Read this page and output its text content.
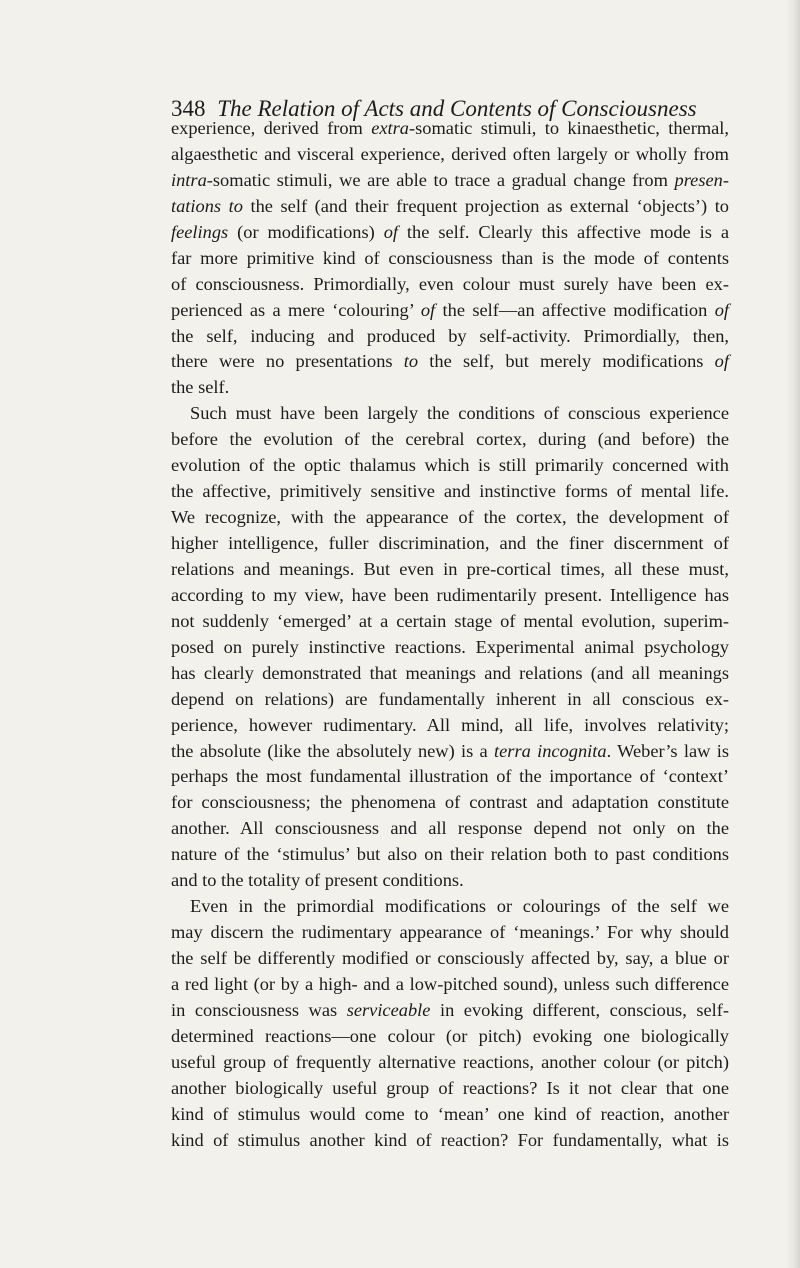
348 The Relation of Acts and Contents of Consciousness
experience, derived from extra-somatic stimuli, to kinaesthetic, thermal,
algaesthetic and visceral experience, derived often largely or wholly from
intra-somatic stimuli, we are able to trace a gradual change from presen-
tations to the self (and their frequent projection as external ‘objects’) to
feelings (or modifications) of the self. Clearly this affective mode is a
far more primitive kind of consciousness than is the mode of contents
of consciousness. Primordially, even colour must surely have been ex-
perienced as a mere ‘colouring’ of the self—an affective modification of
the self, inducing and produced by self-activity. Primordially, then,
there were no presentations to the self, but merely modifications of
the self.
Such must have been largely the conditions of conscious experience
before the evolution of the cerebral cortex, during (and before) the
evolution of the optic thalamus which is still primarily concerned with
the affective, primitively sensitive and instinctive forms of mental life.
We recognize, with the appearance of the cortex, the development of
higher intelligence, fuller discrimination, and the finer discernment of
relations and meanings. But even in pre-cortical times, all these must,
according to my view, have been rudimentarily present. Intelligence has
not suddenly ‘emerged’ at a certain stage of mental evolution, superim-
posed on purely instinctive reactions. Experimental animal psychology
has clearly demonstrated that meanings and relations (and all meanings
depend on relations) are fundamentally inherent in all conscious ex-
perience, however rudimentary. All mind, all life, involves relativity;
the absolute (like the absolutely new) is a terra incognita. Weber’s law is
perhaps the most fundamental illustration of the importance of ‘context’
for consciousness; the phenomena of contrast and adaptation constitute
another. All consciousness and all response depend not only on the
nature of the ‘stimulus’ but also on their relation both to past conditions
and to the totality of present conditions.
Even in the primordial modifications or colourings of the self we
may discern the rudimentary appearance of ‘meanings.’ For why should
the self be differently modified or consciously affected by, say, a blue or
a red light (or by a high- and a low-pitched sound), unless such difference
in consciousness was serviceable in evoking different, conscious, self-
determined reactions—one colour (or pitch) evoking one biologically
useful group of frequently alternative reactions, another colour (or pitch)
another biologically useful group of reactions? Is it not clear that one
kind of stimulus would come to ‘mean’ one kind of reaction, another
kind of stimulus another kind of reaction? For fundamentally, what is
